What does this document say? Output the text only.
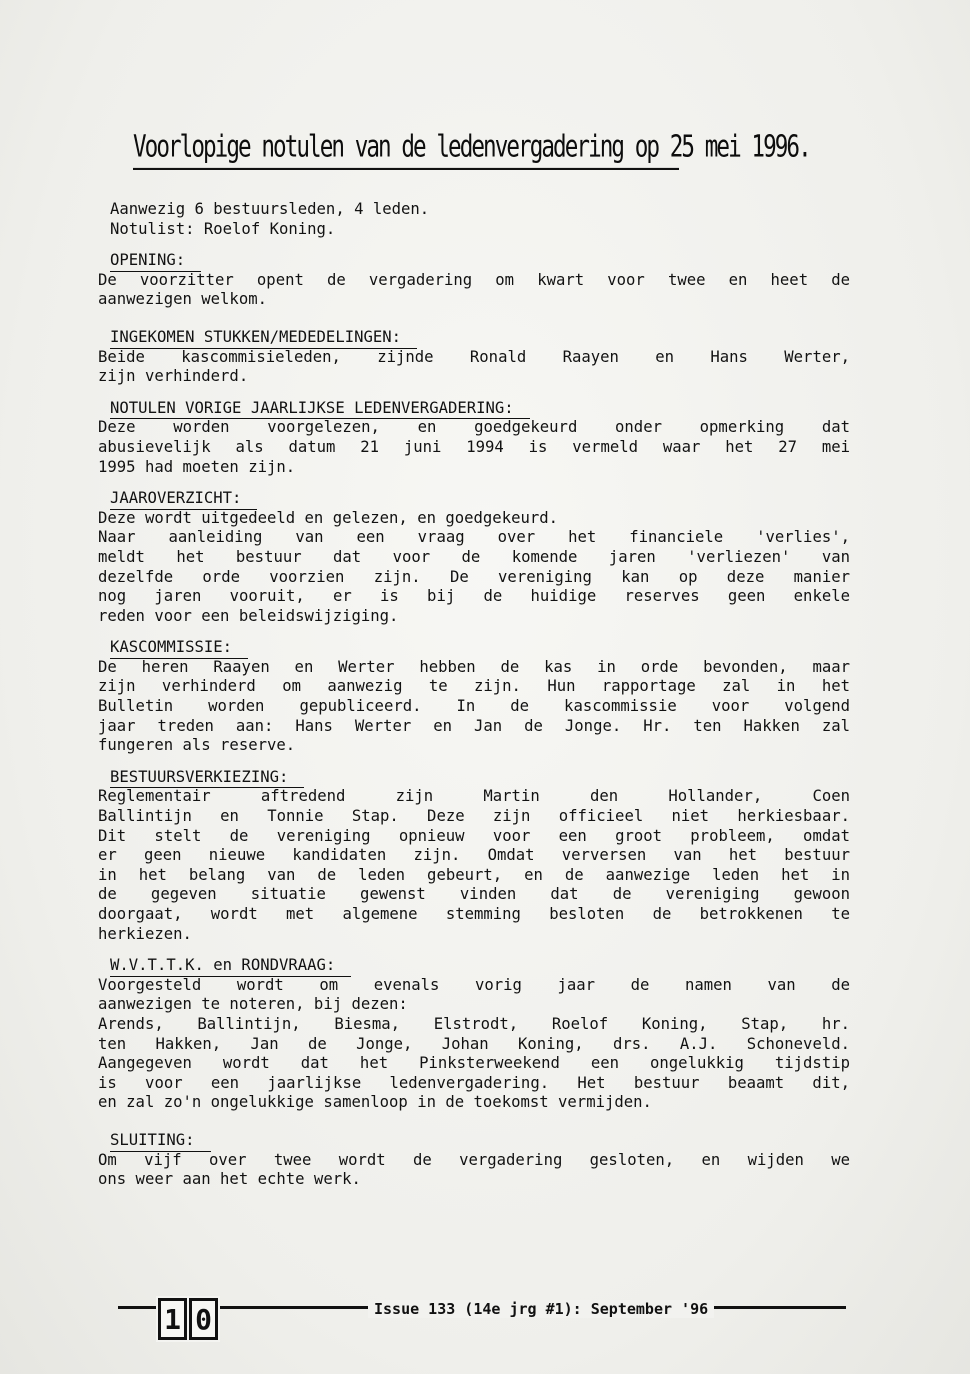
Voorlopige notulen van de ledenvergadering op 25 mei 1996.
Aanwezig 6 bestuursleden, 4 leden.
Notulist: Roelof Koning.
OPENING:
De voorzitter opent de vergadering om kwart voor twee en heet de
aanwezigen welkom.
INGEKOMEN STUKKEN/MEDEDELINGEN:
Beide kascommisieleden, zijnde Ronald Raayen en Hans Werter,
zijn verhinderd.
NOTULEN VORIGE JAARLIJKSE LEDENVERGADERING:
Deze worden voorgelezen, en goedgekeurd onder opmerking dat
abusievelijk als datum 21 juni 1994 is vermeld waar het 27 mei
1995 had moeten zijn.
JAAROVERZICHT:
Deze wordt uitgedeeld en gelezen, en goedgekeurd.
Naar aanleiding van een vraag over het financiele 'verlies',
meldt het bestuur dat voor de komende jaren 'verliezen' van
dezelfde orde voorzien zijn. De vereniging kan op deze manier
nog jaren vooruit, er is bij de huidige reserves geen enkele
reden voor een beleidswijziging.
KASCOMMISSIE:
De heren Raayen en Werter hebben de kas in orde bevonden, maar
zijn verhinderd om aanwezig te zijn. Hun rapportage zal in het
Bulletin worden gepubliceerd. In de kascommissie voor volgend
jaar treden aan: Hans Werter en Jan de Jonge. Hr. ten Hakken zal
fungeren als reserve.
BESTUURSVERKIEZING:
Reglementair aftredend zijn Martin den Hollander, Coen
Ballintijn en Tonnie Stap. Deze zijn officieel niet herkiesbaar.
Dit stelt de vereniging opnieuw voor een groot probleem, omdat
er geen nieuwe kandidaten zijn. Omdat verversen van het bestuur
in het belang van de leden gebeurt, en de aanwezige leden het in
de gegeven situatie gewenst vinden dat de vereniging gewoon
doorgaat, wordt met algemene stemming besloten de betrokkenen te
herkiezen.
W.V.T.T.K. en RONDVRAAG:
Voorgesteld wordt om evenals vorig jaar de namen van de
aanwezigen te noteren, bij dezen:
Arends, Ballintijn, Biesma, Elstrodt, Roelof Koning, Stap, hr.
ten Hakken, Jan de Jonge, Johan Koning, drs. A.J. Schoneveld.
Aangegeven wordt dat het Pinksterweekend een ongelukkig tijdstip
is voor een jaarlijkse ledenvergadering. Het bestuur beaamt dit,
en zal zo'n ongelukkige samenloop in de toekomst vermijden.
SLUITING:
Om vijf over twee wordt de vergadering gesloten, en wijden we
ons weer aan het echte werk.
1 0	Issue 133 (14e jrg #1): September '96
